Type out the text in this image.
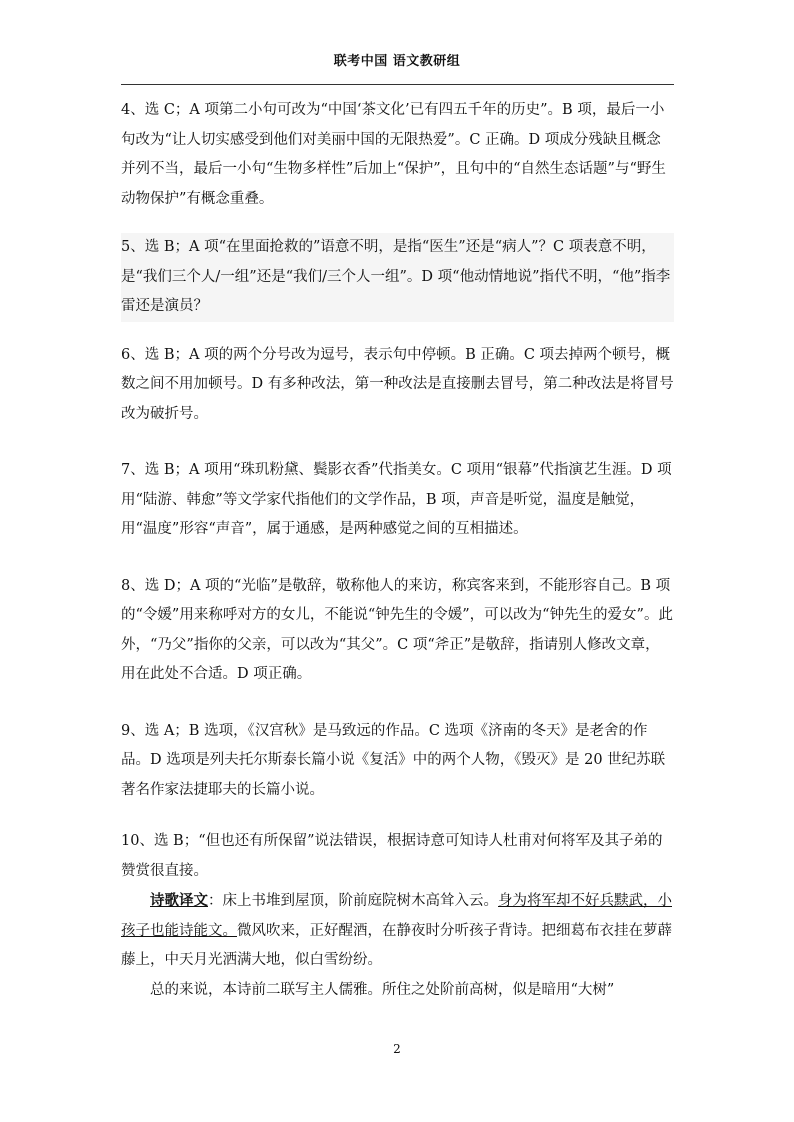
联考中国 语文教研组

4、选 C；A 项第二小句可改为“中国‘茶文化’已有四五千年的历史”。B 项，最后一小句改为“让人切实感受到他们对美丽中国的无限热爱”。C 正确。D 项成分残缺且概念并列不当，最后一小句“生物多样性”后加上“保护”，且句中的“自然生态话题”与“野生动物保护”有概念重叠。

5、选 B；A 项“在里面抢救的”语意不明，是指“医生”还是“病人”？C 项表意不明，是“我们三个人/一组”还是“我们/三个人一组”。D 项“他动情地说”指代不明，“他”指李雷还是演员？

6、选 B；A 项的两个分号改为逗号，表示句中停顿。B 正确。C 项去掉两个顿号，概数之间不用加顿号。D 有多种改法，第一种改法是直接删去冒号，第二种改法是将冒号改为破折号。

7、选 B；A 项用“珠玑粉黛、鬓影衣香”代指美女。C 项用“银幕”代指演艺生涯。D 项用“陆游、韩愈”等文学家代指他们的文学作品，B 项，声音是听觉，温度是触觉，用“温度”形容“声音”，属于通感，是两种感觉之间的互相描述。

8、选 D；A 项的“光临”是敬辞，敬称他人的来访，称宾客来到，不能形容自己。B 项的“令媛”用来称呼对方的女儿，不能说“钟先生的令媛”，可以改为“钟先生的爱女”。此外，“乃父”指你的父亲，可以改为“其父”。C 项“斧正”是敬辞，指请别人修改文章，用在此处不合适。D 项正确。

9、选 A；B 选项，《汉宫秋》是马致远的作品。C 选项《济南的冬天》是老舍的作品。D 选项是列夫托尔斯泰长篇小说《复活》中的两个人物，《毁灭》是 20 世纪苏联著名作家法捷耶夫的长篇小说。

10、选 B；“但也还有所保留”说法错误，根据诗意可知诗人杜甫对何将军及其子弟的赞赏很直接。

诗歌译文：床上书堆到屋顶，阶前庭院树木高耸入云。身为将军却不好兵黩武，小孩子也能诗能文。微风吹来，正好醒酒，在静夜时分听孩子背诗。把细葛布衣挂在萝薜藤上，中天月光洒满大地，似白雪纷纷。

总的来说，本诗前二联写主人儒雅。所住之处阶前高树，似是暗用“大树”

2
